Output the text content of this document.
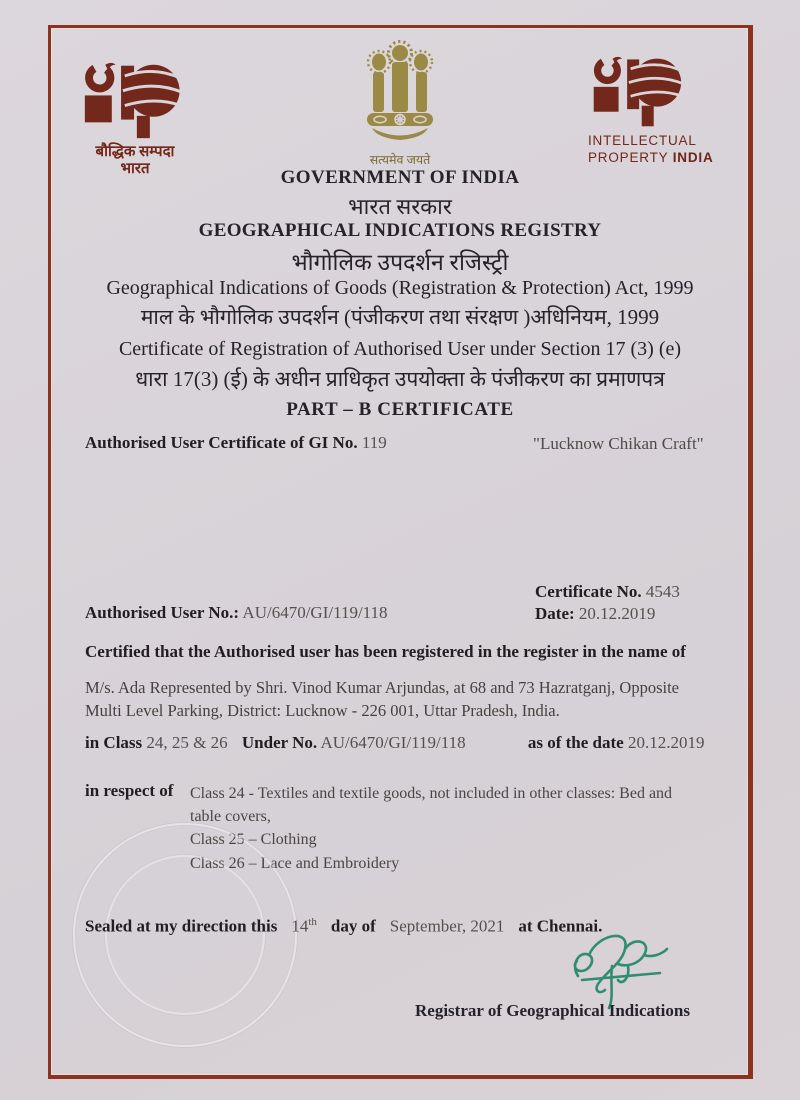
बौद्धिक सम्पदा
भारत
सत्यमेव जयते
INTELLECTUAL
PROPERTY INDIA
GOVERNMENT OF INDIA
भारत सरकार
GEOGRAPHICAL INDICATIONS REGISTRY
भौगोलिक उपदर्शन रजिस्ट्री
Geographical Indications of Goods (Registration & Protection) Act, 1999
माल के भौगोलिक उपदर्शन (पंजीकरण तथा संरक्षण )अधिनियम, 1999
Certificate of Registration of Authorised User under Section 17 (3) (e)
धारा 17(3) (ई) के अधीन प्राधिकृत उपयोक्ता के पंजीकरण का प्रमाणपत्र
PART – B CERTIFICATE
Authorised User Certificate of GI No. 119	"Lucknow Chikan Craft"
Certificate No. 4543
Authorised User No.: AU/6470/GI/119/118	Date: 20.12.2019
Certified that the Authorised user has been registered in the register in the name of
M/s. Ada Represented by Shri. Vinod Kumar Arjundas, at 68 and 73 Hazratganj, Opposite Multi Level Parking, District: Lucknow - 226 001, Uttar Pradesh, India.
in Class 24, 25 & 26 Under No. AU/6470/GI/119/118	as of the date 20.12.2019
in respect of Class 24 - Textiles and textile goods, not included in other classes: Bed and table covers,
Class 25 – Clothing
Class 26 – Lace and Embroidery
Sealed at my direction this 14th day of September, 2021 at Chennai.
Registrar of Geographical Indications
